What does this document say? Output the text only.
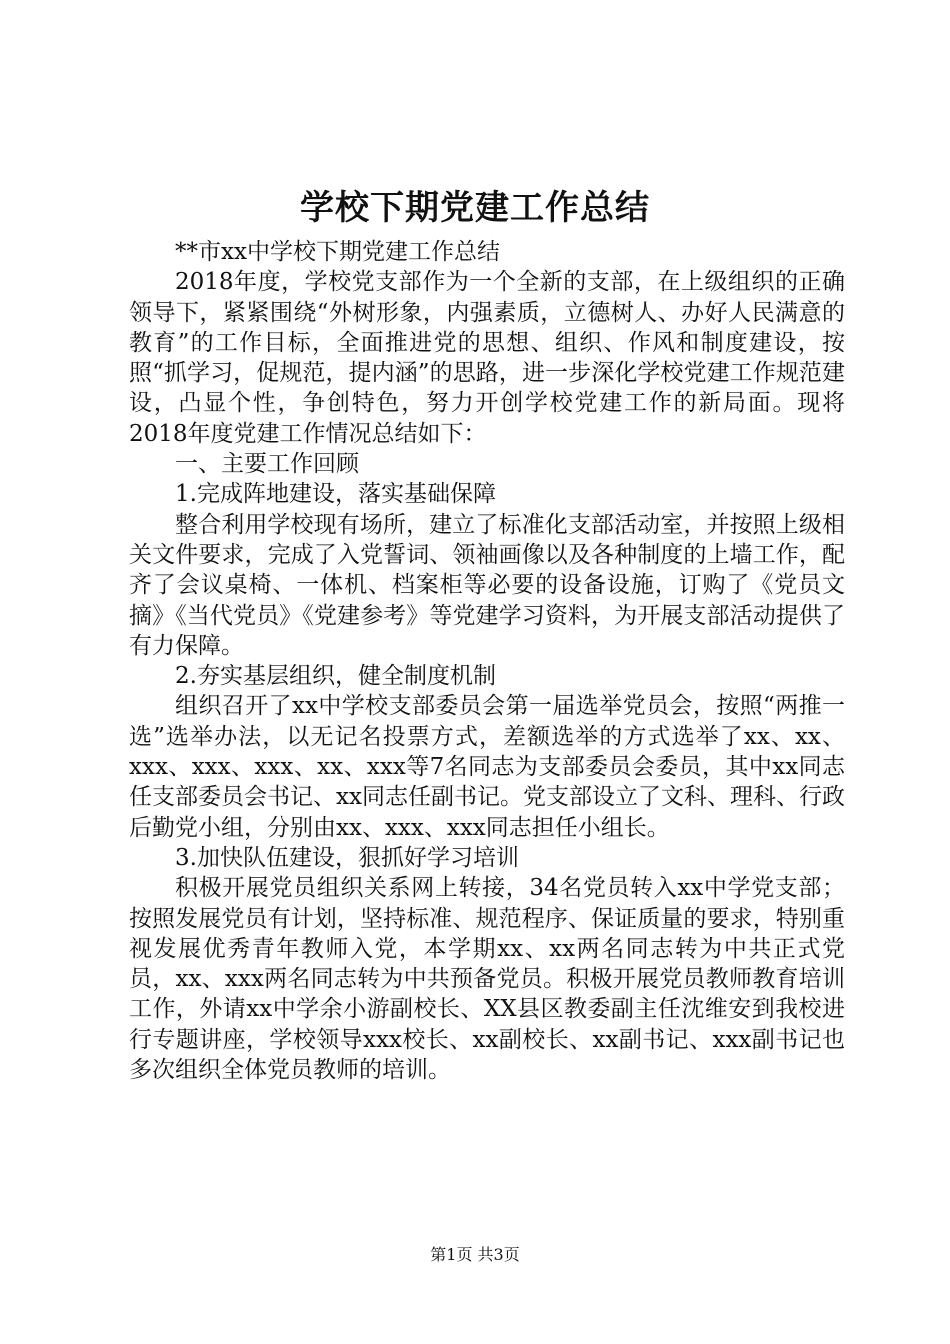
学校下期党建工作总结

**市xx中学校下期党建工作总结

2018年度，学校党支部作为一个全新的支部，在上级组织的正确领导下，紧紧围绕“外树形象，内强素质，立德树人、办好人民满意的教育”的工作目标，全面推进党的思想、组织、作风和制度建设，按照“抓学习，促规范，提内涵”的思路，进一步深化学校党建工作规范建设，凸显个性，争创特色，努力开创学校党建工作的新局面。现将2018年度党建工作情况总结如下：

一、主要工作回顾

1.完成阵地建设，落实基础保障

整合利用学校现有场所，建立了标准化支部活动室，并按照上级相关文件要求，完成了入党誓词、领袖画像以及各种制度的上墙工作，配齐了会议桌椅、一体机、档案柜等必要的设备设施，订购了《党员文摘》《当代党员》《党建参考》等党建学习资料，为开展支部活动提供了有力保障。

2.夯实基层组织，健全制度机制

组织召开了xx中学校支部委员会第一届选举党员会，按照“两推一选”选举办法，以无记名投票方式，差额选举的方式选举了xx、xx、xxx、xxx、xxx、xx、xxx等7名同志为支部委员会委员，其中xx同志任支部委员会书记、xx同志任副书记。党支部设立了文科、理科、行政后勤党小组，分别由xx、xxx、xxx同志担任小组长。

3.加快队伍建设，狠抓好学习培训

积极开展党员组织关系网上转接，34名党员转入xx中学党支部；按照发展党员有计划，坚持标准、规范程序、保证质量的要求，特别重视发展优秀青年教师入党，本学期xx、xx两名同志转为中共正式党员，xx、xxx两名同志转为中共预备党员。积极开展党员教师教育培训工作，外请xx中学余小游副校长、XX县区教委副主任沈维安到我校进行专题讲座，学校领导xxx校长、xx副校长、xx副书记、xxx副书记也多次组织全体党员教师的培训。

第1页 共3页
